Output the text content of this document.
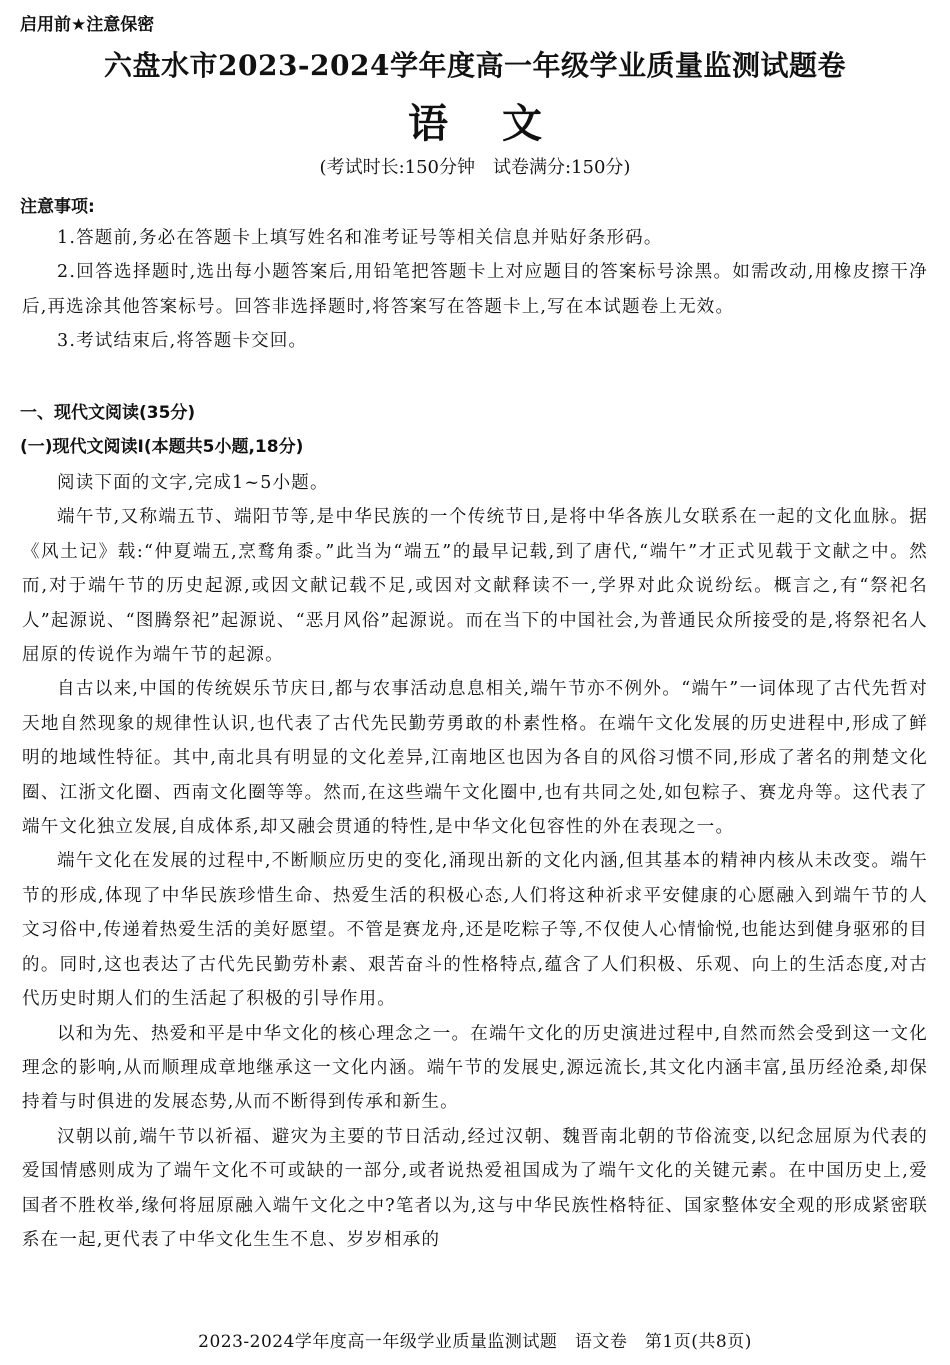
启用前★注意保密
六盘水市2023-2024学年度高一年级学业质量监测试题卷
语 文
(考试时长:150分钟　试卷满分:150分)
注意事项:

1.答题前,务必在答题卡上填写姓名和准考证号等相关信息并贴好条形码。

2.回答选择题时,选出每小题答案后,用铅笔把答题卡上对应题目的答案标号涂黑。如需改动,用橡皮擦干净后,再选涂其他答案标号。回答非选择题时,将答案写在答题卡上,写在本试题卷上无效。

3.考试结束后,将答题卡交回。

一、现代文阅读(35分)
(一)现代文阅读Ⅰ(本题共5小题,18分)

阅读下面的文字,完成1~5小题。

端午节,又称端五节、端阳节等,是中华民族的一个传统节日,是将中华各族儿女联系在一起的文化血脉。据《风土记》载:“仲夏端五,烹鹜角黍。”此当为“端五”的最早记载,到了唐代,“端午”才正式见载于文献之中。然而,对于端午节的历史起源,或因文献记载不足,或因对文献释读不一,学界对此众说纷纭。概言之,有“祭祀名人”起源说、“图腾祭祀”起源说、“恶月风俗”起源说。而在当下的中国社会,为普通民众所接受的是,将祭祀名人屈原的传说作为端午节的起源。

自古以来,中国的传统娱乐节庆日,都与农事活动息息相关,端午节亦不例外。“端午”一词体现了古代先哲对天地自然现象的规律性认识,也代表了古代先民勤劳勇敢的朴素性格。在端午文化发展的历史进程中,形成了鲜明的地域性特征。其中,南北具有明显的文化差异,江南地区也因为各自的风俗习惯不同,形成了著名的荆楚文化圈、江浙文化圈、西南文化圈等等。然而,在这些端午文化圈中,也有共同之处,如包粽子、赛龙舟等。这代表了端午文化独立发展,自成体系,却又融会贯通的特性,是中华文化包容性的外在表现之一。

端午文化在发展的过程中,不断顺应历史的变化,涌现出新的文化内涵,但其基本的精神内核从未改变。端午节的形成,体现了中华民族珍惜生命、热爱生活的积极心态,人们将这种祈求平安健康的心愿融入到端午节的人文习俗中,传递着热爱生活的美好愿望。不管是赛龙舟,还是吃粽子等,不仅使人心情愉悦,也能达到健身驱邪的目的。同时,这也表达了古代先民勤劳朴素、艰苦奋斗的性格特点,蕴含了人们积极、乐观、向上的生活态度,对古代历史时期人们的生活起了积极的引导作用。

以和为先、热爱和平是中华文化的核心理念之一。在端午文化的历史演进过程中,自然而然会受到这一文化理念的影响,从而顺理成章地继承这一文化内涵。端午节的发展史,源远流长,其文化内涵丰富,虽历经沧桑,却保持着与时俱进的发展态势,从而不断得到传承和新生。

汉朝以前,端午节以祈福、避灾为主要的节日活动,经过汉朝、魏晋南北朝的节俗流变,以纪念屈原为代表的爱国情感则成为了端午文化不可或缺的一部分,或者说热爱祖国成为了端午文化的关键元素。在中国历史上,爱国者不胜枚举,缘何将屈原融入端午文化之中?笔者以为,这与中华民族性格特征、国家整体安全观的形成紧密联系在一起,更代表了中华文化生生不息、岁岁相承的

2023-2024学年度高一年级学业质量监测试题　语文卷　第1页(共8页)
